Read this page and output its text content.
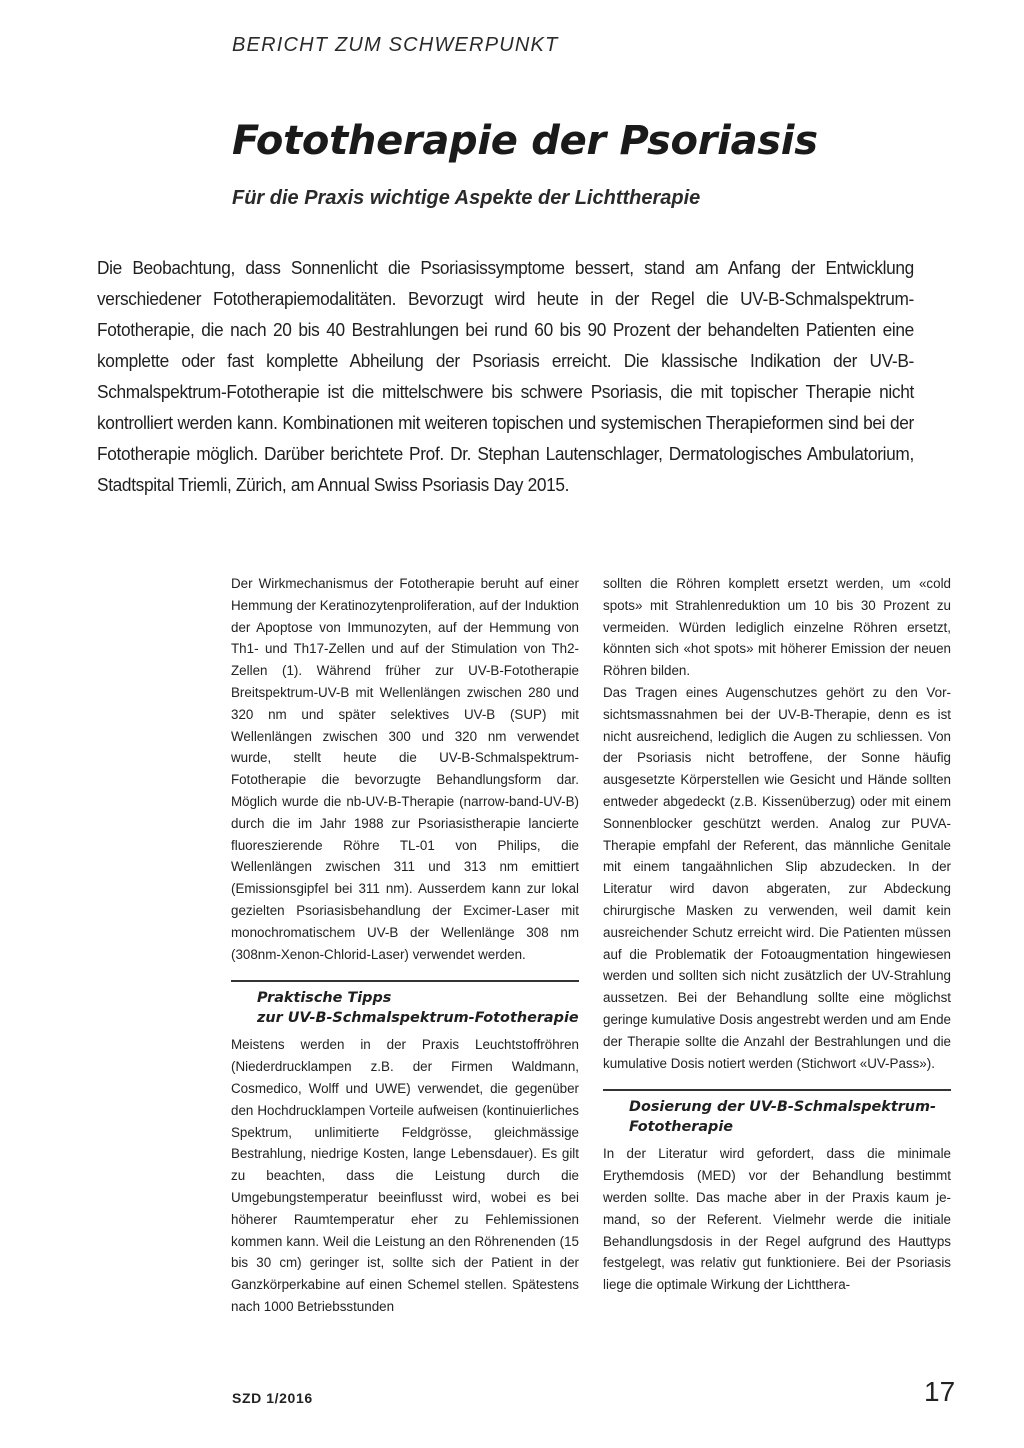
BERICHT ZUM SCHWERPUNKT
Fototherapie der Psoriasis
Für die Praxis wichtige Aspekte der Lichttherapie

Die Beobachtung, dass Sonnenlicht die Psoriasissymptome bessert, stand am Anfang der Entwicklung verschiedener Fototherapiemodalitäten. Bevorzugt wird heute in der Regel die UV-B-Schmalspektrum-Fototherapie, die nach 20 bis 40 Bestrahlungen bei rund 60 bis 90 Prozent der behandelten Patienten eine komplette oder fast komplette Abheilung der Psoriasis erreicht. Die klassische Indikation der UV-B-Schmalspektrum-Fototherapie ist die mittelschwere bis schwere Psoriasis, die mit topischer Therapie nicht kontrolliert werden kann. Kombinationen mit weiteren topischen und systemischen Therapieformen sind bei der Fototherapie möglich. Darüber berichtete Prof. Dr. Stephan Lautenschlager, Dermatologisches Ambulatorium, Stadtspital Triemli, Zürich, am Annual Swiss Psoriasis Day 2015.

Der Wirkmechanismus der Fototherapie beruht auf einer Hemmung der Keratinozytenproliferation, auf der Induktion der Apoptose von Immunozyten, auf der Hemmung von Th1- und Th17-Zellen und auf der Stimulation von Th2-Zellen (1). Während früher zur UV-B-Fototherapie Breitspektrum-UV-B mit Wellenlängen zwischen 280 und 320 nm und später selektives UV-B (SUP) mit Wellenlängen zwischen 300 und 320 nm verwendet wurde, stellt heute die UV-B-Schmalspektrum-Fototherapie die bevorzugte Behandlungsform dar. Möglich wurde die nb-UV-B-Therapie (narrow-band-UV-B) durch die im Jahr 1988 zur Psoriasistherapie lancierte fluoreszierende Röhre TL-01 von Philips, die Wellenlängen zwischen 311 und 313 nm emittiert (Emissionsgipfel bei 311 nm). Ausserdem kann zur lokal gezielten Psoriasisbehandlung der Excimer-Laser mit monochromatischem UV-B der Wellenlänge 308 nm (308nm-Xenon-Chlorid-Laser) verwendet werden.

Praktische Tipps
zur UV-B-Schmalspektrum-Fototherapie

Meistens werden in der Praxis Leuchtstoffröhren (Niederdrucklampen z.B. der Firmen Waldmann, Cosmedico, Wolff und UWE) verwendet, die gegenüber den Hochdrucklampen Vorteile aufweisen (kontinuierliches Spektrum, unlimitierte Feldgrösse, gleichmässige Bestrahlung, niedrige Kosten, lange Lebensdauer). Es gilt zu beachten, dass die Leistung durch die Umgebungstemperatur beeinflusst wird, wobei es bei höherer Raumtemperatur eher zu Fehlemissionen kommen kann. Weil die Leistung an den Röhrenenden (15 bis 30 cm) geringer ist, sollte sich der Patient in der Ganzkörperkabine auf einen Schemel stellen. Spätestens nach 1000 Betriebsstunden

sollten die Röhren komplett ersetzt werden, um «cold spots» mit Strahlenreduktion um 10 bis 30 Prozent zu vermeiden. Würden lediglich einzelne Röhren ersetzt, könnten sich «hot spots» mit höherer Emission der neuen Röhren bilden.

Das Tragen eines Augenschutzes gehört zu den Vorsichtsmassnahmen bei der UV-B-Therapie, denn es ist nicht ausreichend, lediglich die Augen zu schliessen. Von der Psoriasis nicht betroffene, der Sonne häufig ausgesetzte Körperstellen wie Gesicht und Hände sollten entweder abgedeckt (z.B. Kissenüberzug) oder mit einem Sonnenblocker geschützt werden. Analog zur PUVA-Therapie empfahl der Referent, das männliche Genitale mit einem tangaähnlichen Slip abzudecken. In der Literatur wird davon abgeraten, zur Abdeckung chirurgische Masken zu verwenden, weil damit kein ausreichender Schutz erreicht wird. Die Patienten müssen auf die Problematik der Fotoaugmentation hingewiesen werden und sollten sich nicht zusätzlich der UV-Strahlung aussetzen. Bei der Behandlung sollte eine möglichst geringe kumulative Dosis angestrebt werden und am Ende der Therapie sollte die Anzahl der Bestrahlungen und die kumulative Dosis notiert werden (Stichwort «UV-Pass»).

Dosierung der UV-B-Schmalspektrum-
Fototherapie

In der Literatur wird gefordert, dass die minimale Erythemdosis (MED) vor der Behandlung bestimmt werden sollte. Das mache aber in der Praxis kaum jemand, so der Referent. Vielmehr werde die initiale Behandlungsdosis in der Regel aufgrund des Hauttyps festgelegt, was relativ gut funktioniere. Bei der Psoriasis liege die optimale Wirkung der Lichtthera-

SZD 1/2016	17
